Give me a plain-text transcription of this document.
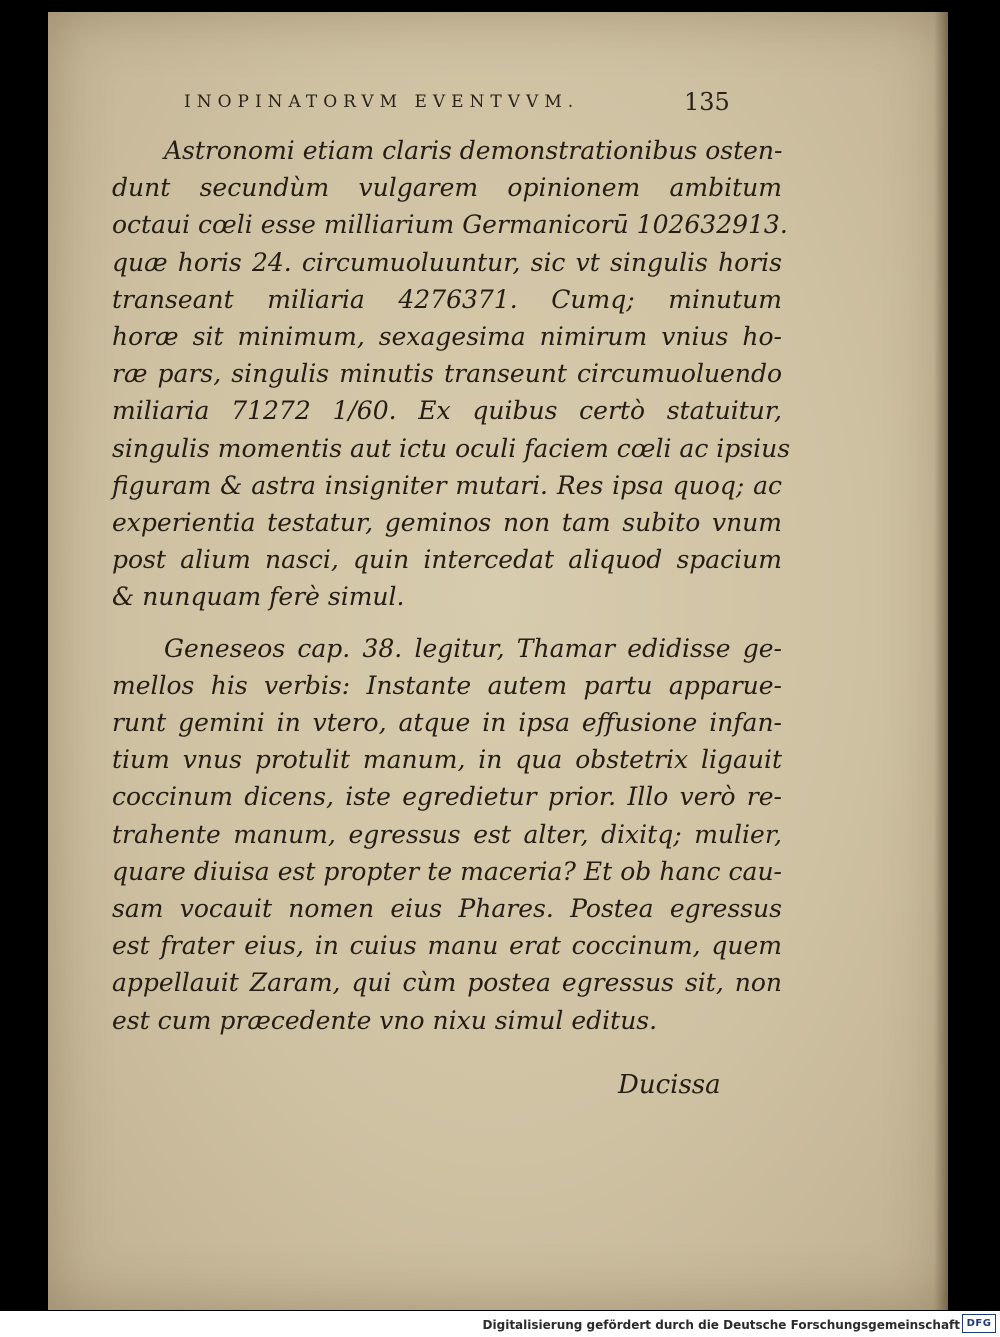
INOPINATORVM EVENTVVM.	135
Astronomi etiam claris demonstrationibus osten-
dunt secundùm vulgarem opinionem ambitum
octaui cœli esse milliarium Germanicorū 102632913.
quæ horis 24. circumuoluuntur, sic vt singulis horis
transeant miliaria 4276371. Cumq; minutum
horæ sit minimum, sexagesima nimirum vnius ho-
ræ pars, singulis minutis transeunt circumuoluendo
miliaria 71272 1/60. Ex quibus certò statuitur,
singulis momentis aut ictu oculi faciem cœli ac ipsius
figuram & astra insigniter mutari. Res ipsa quoq; ac
experientia testatur, geminos non tam subito vnum
post alium nasci, quin intercedat aliquod spacium
& nunquam ferè simul.
Geneseos cap. 38. legitur, Thamar edidisse ge-
mellos his verbis: Instante autem partu apparue-
runt gemini in vtero, atque in ipsa effusione infan-
tium vnus protulit manum, in qua obstetrix ligauit
coccinum dicens, iste egredietur prior. Illo verò re-
trahente manum, egressus est alter, dixitq; mulier,
quare diuisa est propter te maceria? Et ob hanc cau-
sam vocauit nomen eius Phares. Postea egressus
est frater eius, in cuius manu erat coccinum, quem
appellauit Zaram, qui cùm postea egressus sit, non
est cum præcedente vno nixu simul editus.
Ducissa
Digitalisierung gefördert durch die Deutsche Forschungsgemeinschaft DFG
